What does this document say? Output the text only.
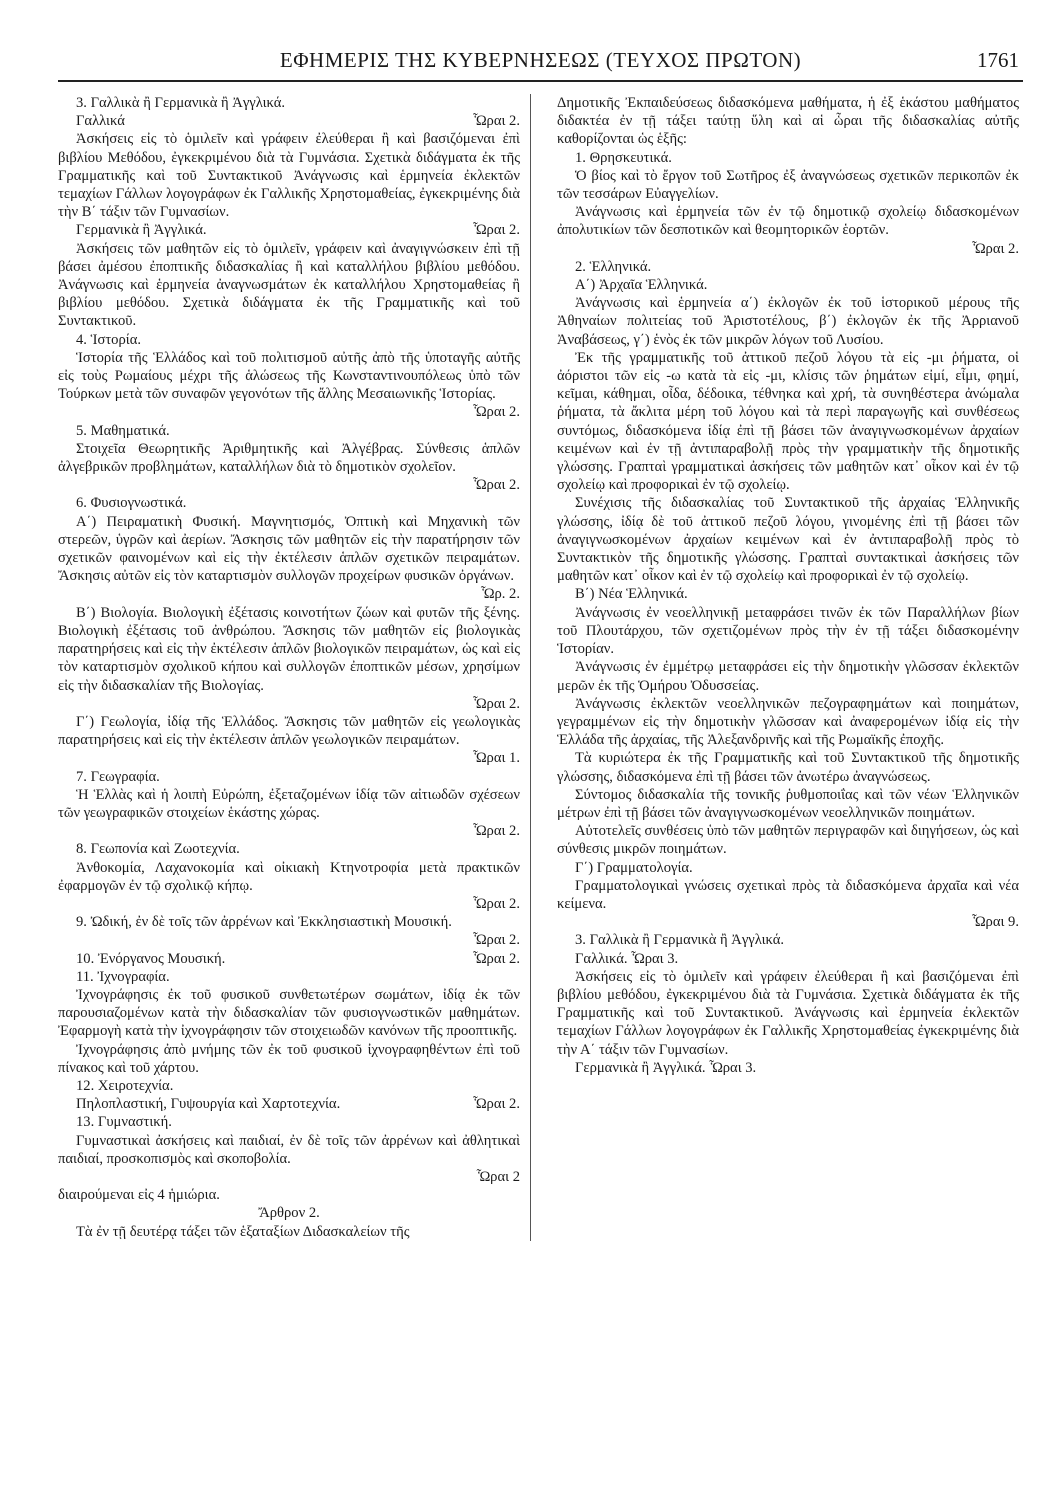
ΕΦΗΜΕΡΙΣ ΤΗΣ ΚΥΒΕΡΝΗΣΕΩΣ (ΤΕΥΧΟΣ ΠΡΩΤΟΝ)	1761
3. Γαλλικὰ ἢ Γερμανικὰ ἢ Ἀγγλικά.
Γαλλικά	Ὧραι 2.

Ἀσκήσεις εἰς τὸ ὁμιλεῖν καὶ γράφειν ἐλεύθεραι ἢ καὶ βασιζόμεναι ἐπὶ βιβλίου Μεθόδου, ἐγκεκριμένου διὰ τὰ Γυμνάσια. Σχετικὰ διδάγματα ἐκ τῆς Γραμματικῆς καὶ τοῦ Συντακτικοῦ Ἀνάγνωσις καὶ ἑρμηνεία ἐκλεκτῶν τεμαχίων Γάλλων λογογράφων ἐκ Γαλλικῆς Χρηστομαθείας, ἐγκεκριμένης διὰ τὴν Β΄ τάξιν τῶν Γυμνασίων.

Γερμανικὰ ἢ Ἀγγλικά.	Ὧραι 2.

Ἀσκήσεις τῶν μαθητῶν εἰς τὸ ὁμιλεῖν, γράφειν καὶ ἀναγιγνώσκειν ἐπὶ τῇ βάσει ἀμέσου ἐποπτικῆς διδασκαλίας ἢ καὶ καταλλήλου βιβλίου μεθόδου. Ἀνάγνωσις καὶ ἑρμηνεία ἀναγνωσμάτων ἐκ καταλλήλου Χρηστομαθείας ἢ βιβλίου μεθόδου. Σχετικὰ διδάγματα ἐκ τῆς Γραμματικῆς καὶ τοῦ Συντακτικοῦ.

4. Ἱστορία.

Ἱστορία τῆς Ἑλλάδος καὶ τοῦ πολιτισμοῦ αὐτῆς ἀπὸ τῆς ὑποταγῆς αὐτῆς εἰς τοὺς Ρωμαίους μέχρι τῆς ἁλώσεως τῆς Κωνσταντινουπόλεως ὑπὸ τῶν Τούρκων μετὰ τῶν συναφῶν γεγονότων τῆς ἄλλης Μεσαιωνικῆς Ἱστορίας.

Ὧραι 2.
5. Μαθηματικά.

Στοιχεῖα Θεωρητικῆς Ἀριθμητικῆς καὶ Ἀλγέβρας. Σύνθεσις ἁπλῶν ἀλγεβρικῶν προβλημάτων, καταλλήλων διὰ τὸ δημοτικὸν σχολεῖον.

Ὧραι 2.
6. Φυσιογνωστικά.

Α΄) Πειραματικὴ Φυσική. Μαγνητισμός, Ὀπτικὴ καὶ Μηχανικὴ τῶν στερεῶν, ὑγρῶν καὶ ἀερίων. Ἄσκησις τῶν μαθητῶν εἰς τὴν παρατήρησιν τῶν σχετικῶν φαινομένων καὶ εἰς τὴν ἐκτέλεσιν ἁπλῶν σχετικῶν πειραμάτων. Ἄσκησις αὐτῶν εἰς τὸν καταρτισμὸν συλλογῶν προχείρων φυσικῶν ὀργάνων.

Ὧρ. 2.

Β΄) Βιολογία. Βιολογικὴ ἐξέτασις κοινοτήτων ζώων καὶ φυτῶν τῆς ξένης. Βιολογικὴ ἐξέτασις τοῦ ἀνθρώπου. Ἄσκησις τῶν μαθητῶν εἰς βιολογικὰς παρατηρήσεις καὶ εἰς τὴν ἐκτέλεσιν ἁπλῶν βιολογικῶν πειραμάτων, ὡς καὶ εἰς τὸν καταρτισμὸν σχολικοῦ κήπου καὶ συλλογῶν ἐποπτικῶν μέσων, χρησίμων εἰς τὴν διδασκαλίαν τῆς Βιολογίας.

Ὧραι 2.

Γ΄) Γεωλογία, ἰδίᾳ τῆς Ἑλλάδος. Ἄσκησις τῶν μαθητῶν εἰς γεωλογικὰς παρατηρήσεις καὶ εἰς τὴν ἐκτέλεσιν ἁπλῶν γεωλογικῶν πειραμάτων.

Ὧραι 1.
7. Γεωγραφία.

Ἡ Ἑλλὰς καὶ ἡ λοιπὴ Εὐρώπη, ἐξεταζομένων ἰδίᾳ τῶν αἰτιωδῶν σχέσεων τῶν γεωγραφικῶν στοιχείων ἑκάστης χώρας.

Ὧραι 2.
8. Γεωπονία καὶ Ζωοτεχνία.

Ἀνθοκομία, Λαχανοκομία καὶ οἰκιακὴ Κτηνοτροφία μετὰ πρακτικῶν ἐφαρμογῶν ἐν τῷ σχολικῷ κήπῳ.

Ὧραι 2.

9. Ὠδική, ἐν δὲ τοῖς τῶν ἀρρένων καὶ Ἐκκλησιαστικὴ Μουσική.

Ὧραι 2.
10. Ἐνόργανος Μουσική.	Ὧραι 2.
11. Ἰχνογραφία.

Ἰχνογράφησις ἐκ τοῦ φυσικοῦ συνθετωτέρων σωμάτων, ἰδίᾳ ἐκ τῶν παρουσιαζομένων κατὰ τὴν διδασκαλίαν τῶν φυσιογνωστικῶν μαθημάτων. Ἐφαρμογὴ κατὰ τὴν ἰχνογράφησιν τῶν στοιχειωδῶν κανόνων τῆς προοπτικῆς.

Ἰχνογράφησις ἀπὸ μνήμης τῶν ἐκ τοῦ φυσικοῦ ἰχνογραφηθέντων ἐπὶ τοῦ πίνακος καὶ τοῦ χάρτου.

12. Χειροτεχνία.
Πηλοπλαστική, Γυψουργία καὶ Χαρτοτεχνία.	Ὧραι 2.
13. Γυμναστική.

Γυμναστικαὶ ἀσκήσεις καὶ παιδιαί, ἐν δὲ τοῖς τῶν ἀρρένων καὶ ἀθλητικαὶ παιδιαί, προσκοπισμὸς καὶ σκοποβολία.

Ὧραι 2
διαιρούμεναι εἰς 4 ἡμιώρια.
Ἄρθρον 2.

Τὰ ἐν τῇ δευτέρᾳ τάξει τῶν ἑξαταξίων Διδασκαλείων τῆς

Δημοτικῆς Ἐκπαιδεύσεως διδασκόμενα μαθήματα, ἡ ἐξ ἑκάστου μαθήματος διδακτέα ἐν τῇ τάξει ταύτῃ ὕλη καὶ αἱ ὧραι τῆς διδασκαλίας αὐτῆς καθορίζονται ὡς ἑξῆς:

1. Θρησκευτικά.

Ὁ βίος καὶ τὸ ἔργον τοῦ Σωτῆρος ἐξ ἀναγνώσεως σχετικῶν περικοπῶν ἐκ τῶν τεσσάρων Εὐαγγελίων.

Ἀνάγνωσις καὶ ἑρμηνεία τῶν ἐν τῷ δημοτικῷ σχολείῳ διδασκομένων ἀπολυτικίων τῶν δεσποτικῶν καὶ θεομητορικῶν ἑορτῶν.

Ὧραι 2.
2. Ἑλληνικά.
Α΄) Ἀρχαῖα Ἑλληνικά.

Ἀνάγνωσις καὶ ἑρμηνεία α΄) ἐκλογῶν ἐκ τοῦ ἱστορικοῦ μέρους τῆς Ἀθηναίων πολιτείας τοῦ Ἀριστοτέλους, β΄) ἐκλογῶν ἐκ τῆς Ἀρριανοῦ Ἀναβάσεως, γ΄) ἑνὸς ἐκ τῶν μικρῶν λόγων τοῦ Λυσίου.

Ἐκ τῆς γραμματικῆς τοῦ ἀττικοῦ πεζοῦ λόγου τὰ εἰς -μι ῥήματα, οἱ ἀόριστοι τῶν εἰς -ω κατὰ τὰ εἰς -μι, κλίσις τῶν ῥημάτων εἰμί, εἶμι, φημί, κεῖμαι, κάθημαι, οἶδα, δέδοικα, τέθνηκα καὶ χρή, τὰ συνηθέστερα ἀνώμαλα ῥήματα, τὰ ἄκλιτα μέρη τοῦ λόγου καὶ τὰ περὶ παραγωγῆς καὶ συνθέσεως συντόμως, διδασκόμενα ἰδίᾳ ἐπὶ τῇ βάσει τῶν ἀναγιγνωσκομένων ἀρχαίων κειμένων καὶ ἐν τῇ ἀντιπαραβολῇ πρὸς τὴν γραμματικὴν τῆς δημοτικῆς γλώσσης. Γραπταὶ γραμματικαὶ ἀσκήσεις τῶν μαθητῶν κατ᾽ οἶκον καὶ ἐν τῷ σχολείῳ καὶ προφορικαὶ ἐν τῷ σχολείῳ.

Συνέχισις τῆς διδασκαλίας τοῦ Συντακτικοῦ τῆς ἀρχαίας Ἑλληνικῆς γλώσσης, ἰδίᾳ δὲ τοῦ ἀττικοῦ πεζοῦ λόγου, γινομένης ἐπὶ τῇ βάσει τῶν ἀναγιγνωσκομένων ἀρχαίων κειμένων καὶ ἐν ἀντιπαραβολῇ πρὸς τὸ Συντακτικὸν τῆς δημοτικῆς γλώσσης. Γραπταὶ συντακτικαὶ ἀσκήσεις τῶν μαθητῶν κατ᾽ οἶκον καὶ ἐν τῷ σχολείῳ καὶ προφορικαὶ ἐν τῷ σχολείῳ.

Β΄) Νέα Ἑλληνικά.

Ἀνάγνωσις ἐν νεοελληνικῇ μεταφράσει τινῶν ἐκ τῶν Παραλλήλων βίων τοῦ Πλουτάρχου, τῶν σχετιζομένων πρὸς τὴν ἐν τῇ τάξει διδασκομένην Ἱστορίαν.

Ἀνάγνωσις ἐν ἐμμέτρῳ μεταφράσει εἰς τὴν δημοτικὴν γλῶσσαν ἐκλεκτῶν μερῶν ἐκ τῆς Ὁμήρου Ὀδυσσείας.

Ἀνάγνωσις ἐκλεκτῶν νεοελληνικῶν πεζογραφημάτων καὶ ποιημάτων, γεγραμμένων εἰς τὴν δημοτικὴν γλῶσσαν καὶ ἀναφερομένων ἰδίᾳ εἰς τὴν Ἑλλάδα τῆς ἀρχαίας, τῆς Ἀλεξανδρινῆς καὶ τῆς Ρωμαϊκῆς ἐποχῆς.

Τὰ κυριώτερα ἐκ τῆς Γραμματικῆς καὶ τοῦ Συντακτικοῦ τῆς δημοτικῆς γλώσσης, διδασκόμενα ἐπὶ τῇ βάσει τῶν ἀνωτέρω ἀναγνώσεως.

Σύντομος διδασκαλία τῆς τονικῆς ῥυθμοποιΐας καὶ τῶν νέων Ἑλληνικῶν μέτρων ἐπὶ τῇ βάσει τῶν ἀναγιγνωσκομένων νεοελληνικῶν ποιημάτων.

Αὐτοτελεῖς συνθέσεις ὑπὸ τῶν μαθητῶν περιγραφῶν καὶ διηγήσεων, ὡς καὶ σύνθεσις μικρῶν ποιημάτων.

Γ΄) Γραμματολογία.

Γραμματολογικαὶ γνώσεις σχετικαὶ πρὸς τὰ διδασκόμενα ἀρχαῖα καὶ νέα κείμενα.

Ὧραι 9.
3. Γαλλικὰ ἢ Γερμανικὰ ἢ Ἀγγλικά.
Γαλλικά. Ὧραι 3.

Ἀσκήσεις εἰς τὸ ὁμιλεῖν καὶ γράφειν ἐλεύθεραι ἢ καὶ βασιζόμεναι ἐπὶ βιβλίου μεθόδου, ἐγκεκριμένου διὰ τὰ Γυμνάσια. Σχετικὰ διδάγματα ἐκ τῆς Γραμματικῆς καὶ τοῦ Συντακτικοῦ. Ἀνάγνωσις καὶ ἑρμηνεία ἐκλεκτῶν τεμαχίων Γάλλων λογογράφων ἐκ Γαλλικῆς Χρηστομαθείας ἐγκεκριμένης διὰ τὴν Α΄ τάξιν τῶν Γυμνασίων.

Γερμανικὰ ἢ Ἀγγλικά. Ὧραι 3.
